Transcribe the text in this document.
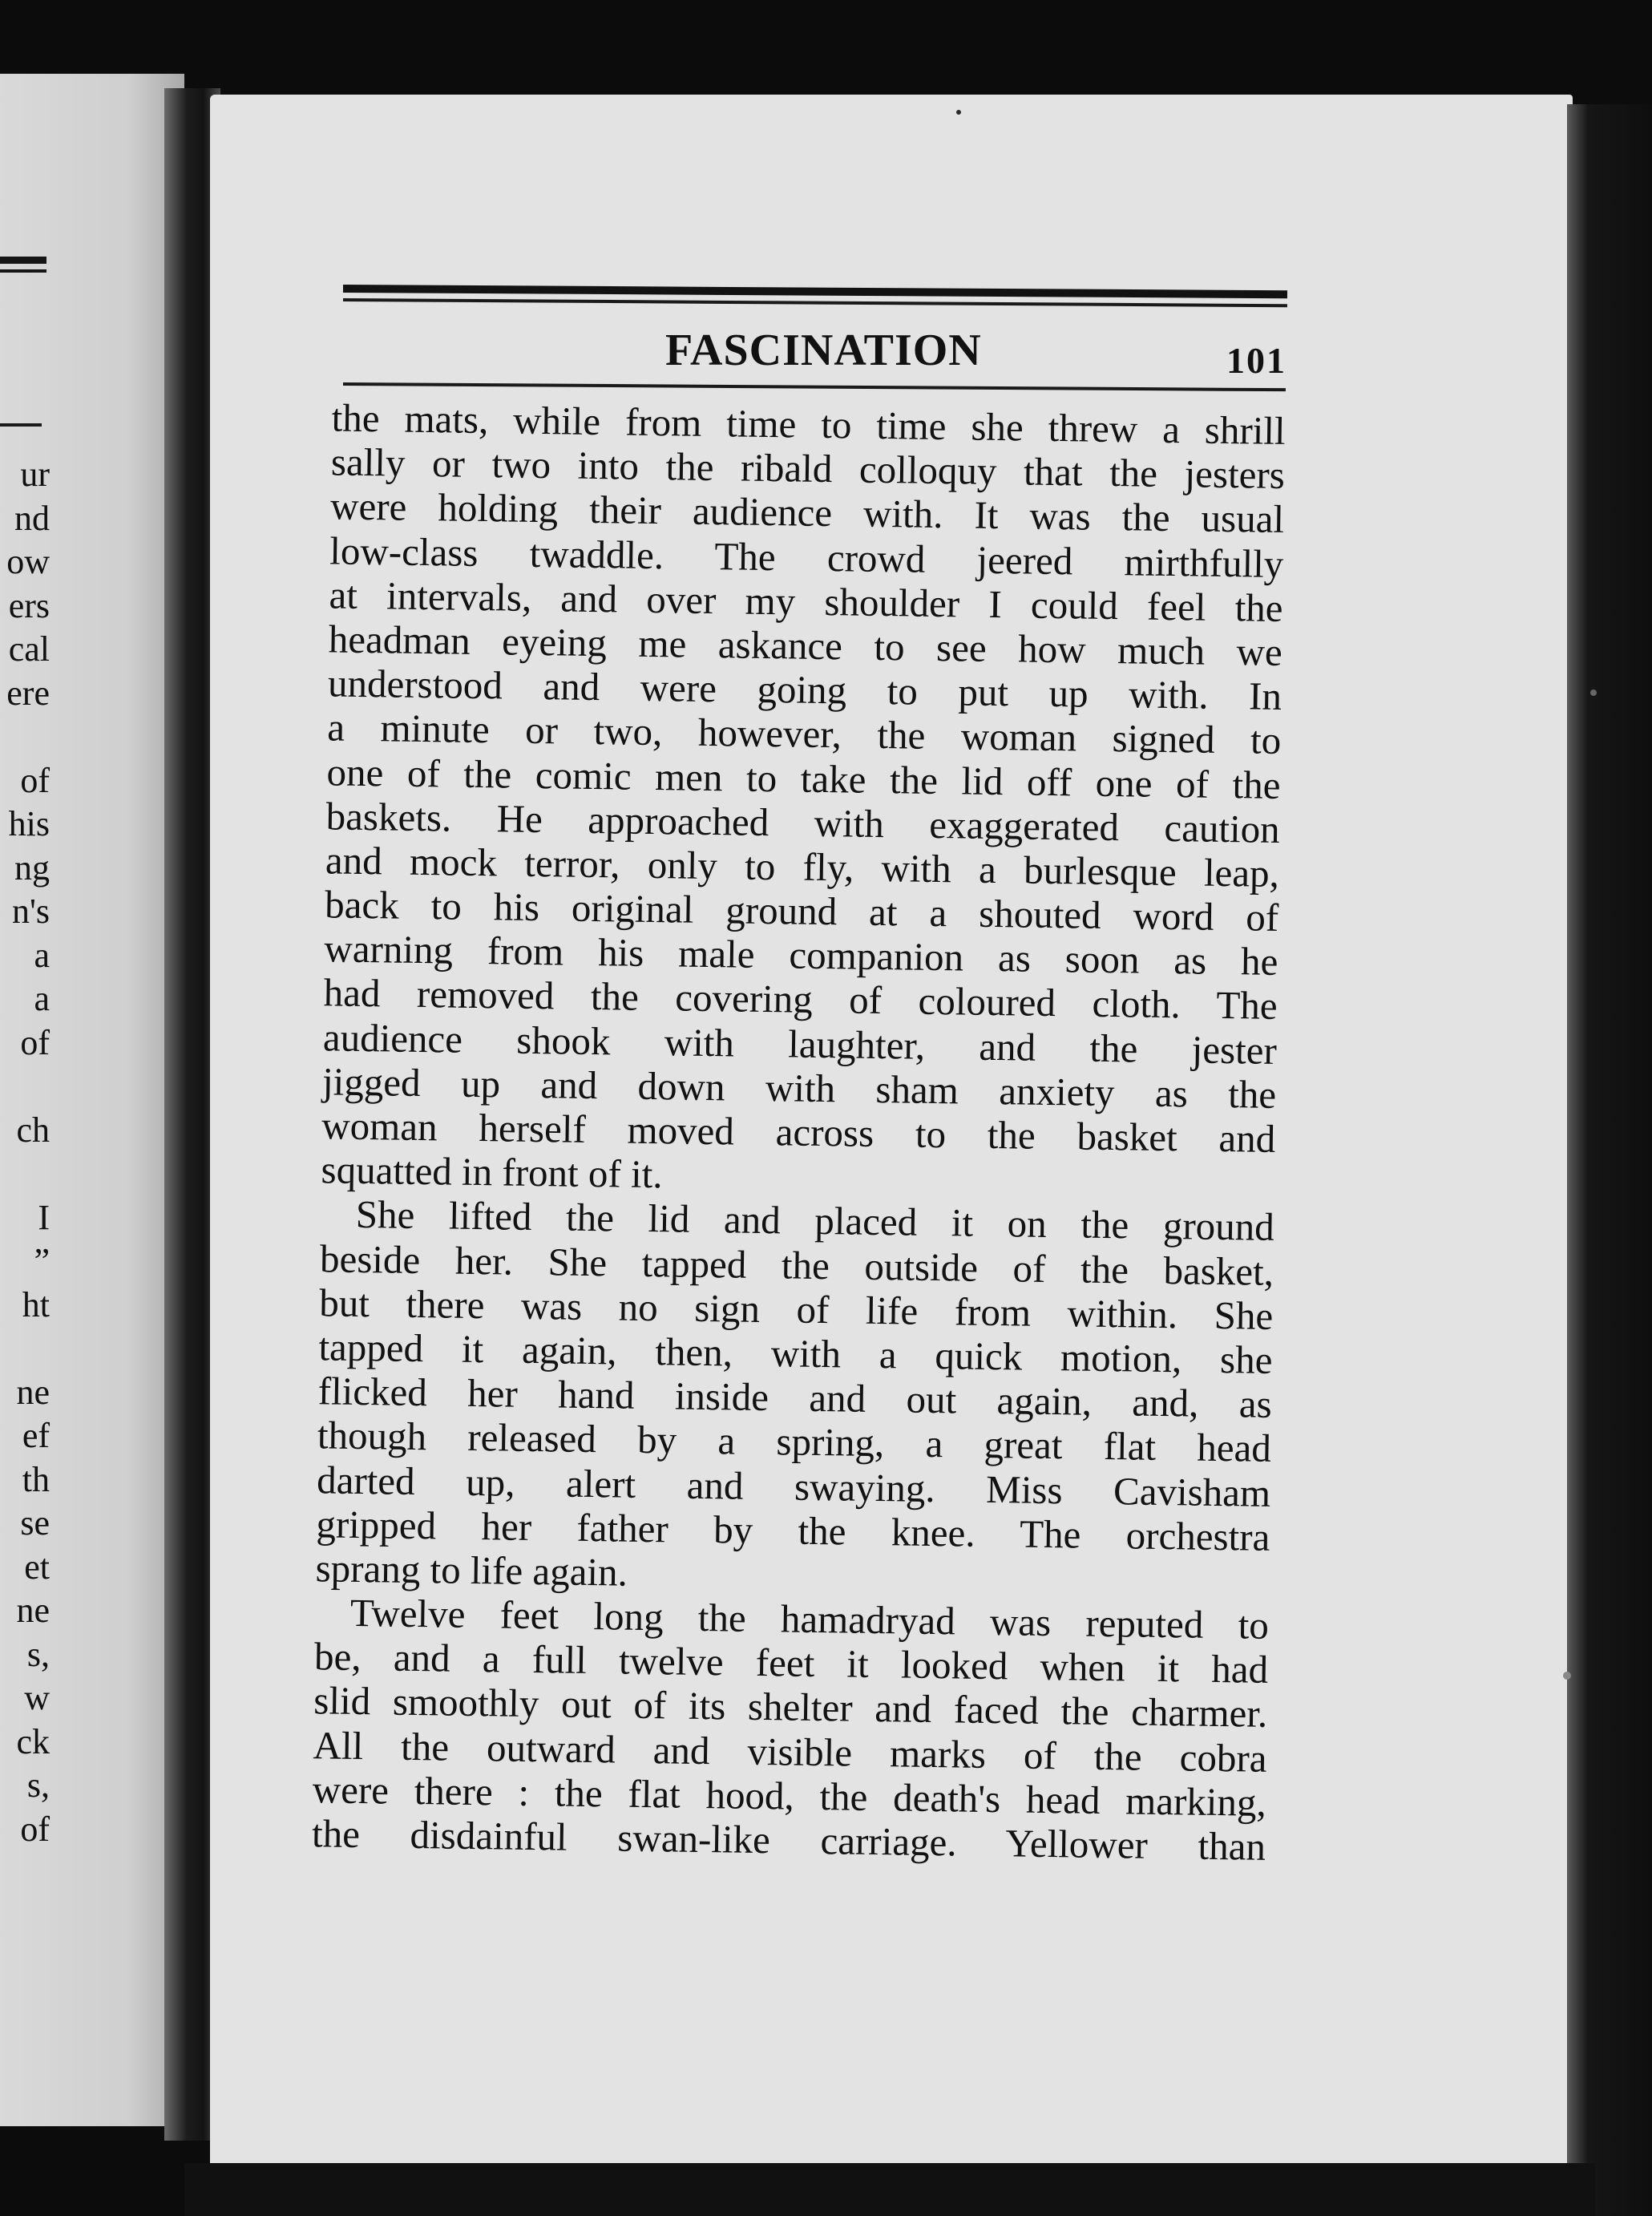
ur
nd
ow
ers
cal
ere
of
his
ng
n's
a
a
of
ch
I
”
ht
ne
ef
th
se
et
ne
s,
w
ck
s,
of
FASCINATION	101
the mats, while from time to time she threw a shrill
sally or two into the ribald colloquy that the jesters
were holding their audience with. It was the usual
low-class twaddle. The crowd jeered mirthfully
at intervals, and over my shoulder I could feel the
headman eyeing me askance to see how much we
understood and were going to put up with. In
a minute or two, however, the woman signed to
one of the comic men to take the lid off one of the
baskets. He approached with exaggerated caution
and mock terror, only to fly, with a burlesque leap,
back to his original ground at a shouted word of
warning from his male companion as soon as he
had removed the covering of coloured cloth. The
audience shook with laughter, and the jester
jigged up and down with sham anxiety as the
woman herself moved across to the basket and
squatted in front of it.
She lifted the lid and placed it on the ground
beside her. She tapped the outside of the basket,
but there was no sign of life from within. She
tapped it again, then, with a quick motion, she
flicked her hand inside and out again, and, as
though released by a spring, a great flat head
darted up, alert and swaying. Miss Cavisham
gripped her father by the knee. The orchestra
sprang to life again.
Twelve feet long the hamadryad was reputed to
be, and a full twelve feet it looked when it had
slid smoothly out of its shelter and faced the charmer.
All the outward and visible marks of the cobra
were there : the flat hood, the death's head marking,
the disdainful swan-like carriage. Yellower than
